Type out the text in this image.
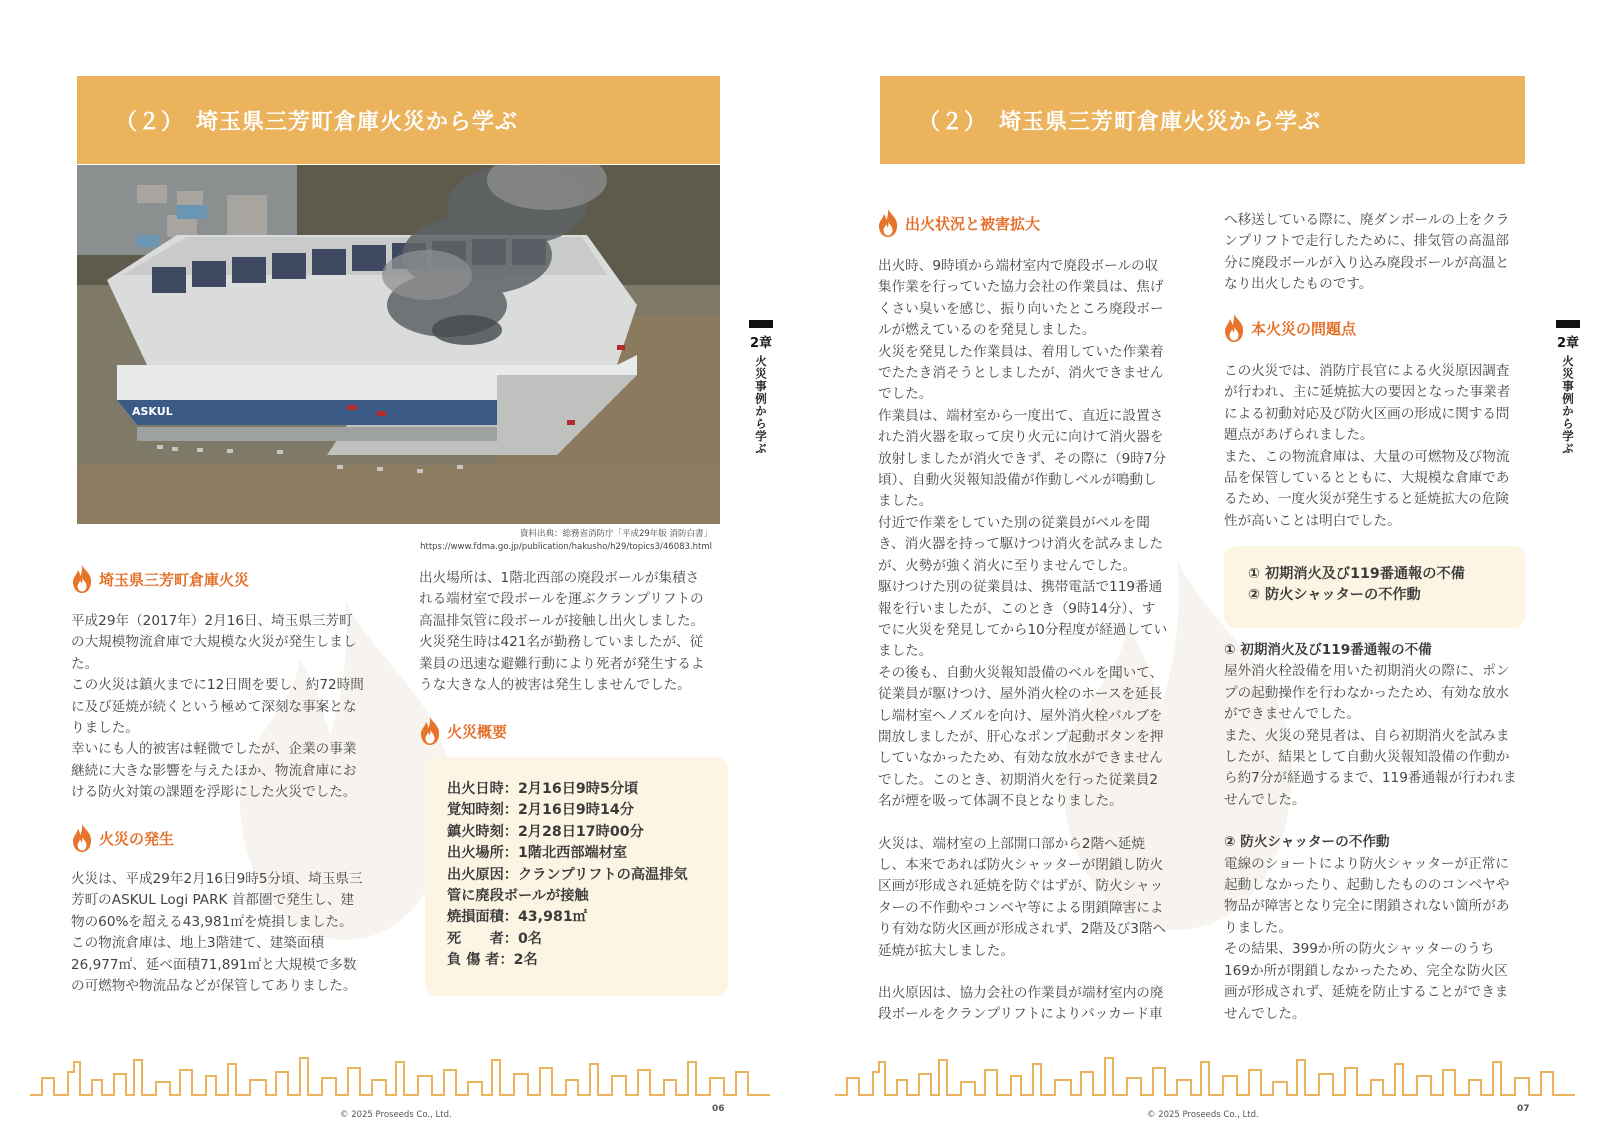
（２）　埼玉県三芳町倉庫火災から学ぶ
ASKUL
資料出典：総務省消防庁「平成29年版 消防白書」
https://www.fdma.go.jp/publication/hakusho/h29/topics3/46083.html
埼玉県三芳町倉庫火災

平成29年（2017年）2月16日、埼玉県三芳町

の大規模物流倉庫で大規模な火災が発生しまし

た。

この火災は鎮火までに12日間を要し、約72時間

に及び延焼が続くという極めて深刻な事案とな

りました。

幸いにも人的被害は軽微でしたが、企業の事業

継続に大きな影響を与えたほか、物流倉庫にお

ける防火対策の課題を浮彫にした火災でした。

火災の発生

火災は、平成29年2月16日9時5分頃、埼玉県三

芳町のASKUL Logi PARK 首都圏で発生し、建

物の60%を超える43,981㎡を焼損しました。

この物流倉庫は、地上3階建て、建築面積

26,977㎡、延べ面積71,891㎡と大規模で多数

の可燃物や物流品などが保管してありました。

出火場所は、1階北西部の廃段ボールが集積さ

れる端材室で段ボールを運ぶクランプリフトの

高温排気管に段ボールが接触し出火しました。

火災発生時は421名が勤務していましたが、従

業員の迅速な避難行動により死者が発生するよ

うな大きな人的被害は発生しませんでした。

火災概要
出火日時：2月16日9時5分頃
覚知時刻：2月16日9時14分
鎮火時刻：2月28日17時00分
出火場所：1階北西部端材室
出火原因：クランプリフトの高温排気
管に廃段ボールが接触
焼損面積：43,981㎡
死　　者：0名
負 傷 者：2名
2章
火災事例から学ぶ
© 2025 Proseeds Co., Ltd.
06
（２）　埼玉県三芳町倉庫火災から学ぶ
出火状況と被害拡大

出火時、9時頃から端材室内で廃段ボールの収

集作業を行っていた協力会社の作業員は、焦げ

くさい臭いを感じ、振り向いたところ廃段ボー

ルが燃えているのを発見しました。

火災を発見した作業員は、着用していた作業着

でたたき消そうとしましたが、消火できません

でした。

作業員は、端材室から一度出て、直近に設置さ

れた消火器を取って戻り火元に向けて消火器を

放射しましたが消火できず、その際に（9時7分

頃）、自動火災報知設備が作動しベルが鳴動し

ました。

付近で作業をしていた別の従業員がベルを聞

き、消火器を持って駆けつけ消火を試みました

が、火勢が強く消火に至りませんでした。

駆けつけた別の従業員は、携帯電話で119番通

報を行いましたが、このとき（9時14分）、す

でに火災を発見してから10分程度が経過してい

ました。

その後も、自動火災報知設備のベルを聞いて、

従業員が駆けつけ、屋外消火栓のホースを延長

し端材室へノズルを向け、屋外消火栓バルブを

開放しましたが、肝心なポンプ起動ボタンを押

していなかったため、有効な放水ができません

でした。このとき、初期消火を行った従業員2

名が煙を吸って体調不良となりました。

火災は、端材室の上部開口部から2階へ延焼

し、本来であれば防火シャッターが閉鎖し防火

区画が形成され延焼を防ぐはずが、防火シャッ

ターの不作動やコンベヤ等による閉鎖障害によ

り有効な防火区画が形成されず、2階及び3階へ

延焼が拡大しました。

出火原因は、協力会社の作業員が端材室内の廃

段ボールをクランプリフトによりパッカード車

へ移送している際に、廃ダンボールの上をクラ

ンプリフトで走行したために、排気管の高温部

分に廃段ボールが入り込み廃段ボールが高温と

なり出火したものです。

本火災の問題点

この火災では、消防庁長官による火災原因調査

が行われ、主に延焼拡大の要因となった事業者

による初動対応及び防火区画の形成に関する問

題点があげられました。

また、この物流倉庫は、大量の可燃物及び物流

品を保管しているとともに、大規模な倉庫であ

るため、一度火災が発生すると延焼拡大の危険

性が高いことは明白でした。

① 初期消火及び119番通報の不備
② 防火シャッターの不作動

① 初期消火及び119番通報の不備

屋外消火栓設備を用いた初期消火の際に、ポン

プの起動操作を行わなかったため、有効な放水

ができませんでした。

また、火災の発見者は、自ら初期消火を試みま

したが、結果として自動火災報知設備の作動か

ら約7分が経過するまで、119番通報が行われま

せんでした。

② 防火シャッターの不作動

電線のショートにより防火シャッターが正常に

起動しなかったり、起動したもののコンベヤや

物品が障害となり完全に閉鎖されない箇所があ

りました。

その結果、399か所の防火シャッターのうち

169か所が閉鎖しなかったため、完全な防火区

画が形成されず、延焼を防止することができま

せんでした。

2章
火災事例から学ぶ
© 2025 Proseeds Co., Ltd.
07
